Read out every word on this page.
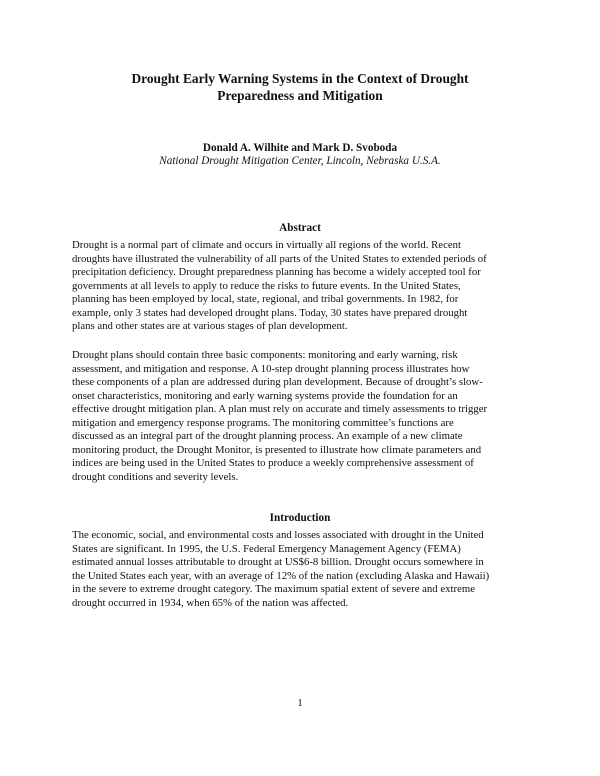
Drought Early Warning Systems in the Context of Drought
Preparedness and Mitigation
Donald A. Wilhite and Mark D. Svoboda
National Drought Mitigation Center, Lincoln, Nebraska U.S.A.
Abstract
Drought is a normal part of climate and occurs in virtually all regions of the world. Recent
droughts have illustrated the vulnerability of all parts of the United States to extended periods of
precipitation deficiency. Drought preparedness planning has become a widely accepted tool for
governments at all levels to apply to reduce the risks to future events. In the United States,
planning has been employed by local, state, regional, and tribal governments. In 1982, for
example, only 3 states had developed drought plans. Today, 30 states have prepared drought
plans and other states are at various stages of plan development.
Drought plans should contain three basic components: monitoring and early warning, risk
assessment, and mitigation and response. A 10-step drought planning process illustrates how
these components of a plan are addressed during plan development. Because of drought’s slow-
onset characteristics, monitoring and early warning systems provide the foundation for an
effective drought mitigation plan. A plan must rely on accurate and timely assessments to trigger
mitigation and emergency response programs. The monitoring committee’s functions are
discussed as an integral part of the drought planning process. An example of a new climate
monitoring product, the Drought Monitor, is presented to illustrate how climate parameters and
indices are being used in the United States to produce a weekly comprehensive assessment of
drought conditions and severity levels.
Introduction
The economic, social, and environmental costs and losses associated with drought in the United
States are significant. In 1995, the U.S. Federal Emergency Management Agency (FEMA)
estimated annual losses attributable to drought at US$6-8 billion. Drought occurs somewhere in
the United States each year, with an average of 12% of the nation (excluding Alaska and Hawaii)
in the severe to extreme drought category. The maximum spatial extent of severe and extreme
drought occurred in 1934, when 65% of the nation was affected.
1
